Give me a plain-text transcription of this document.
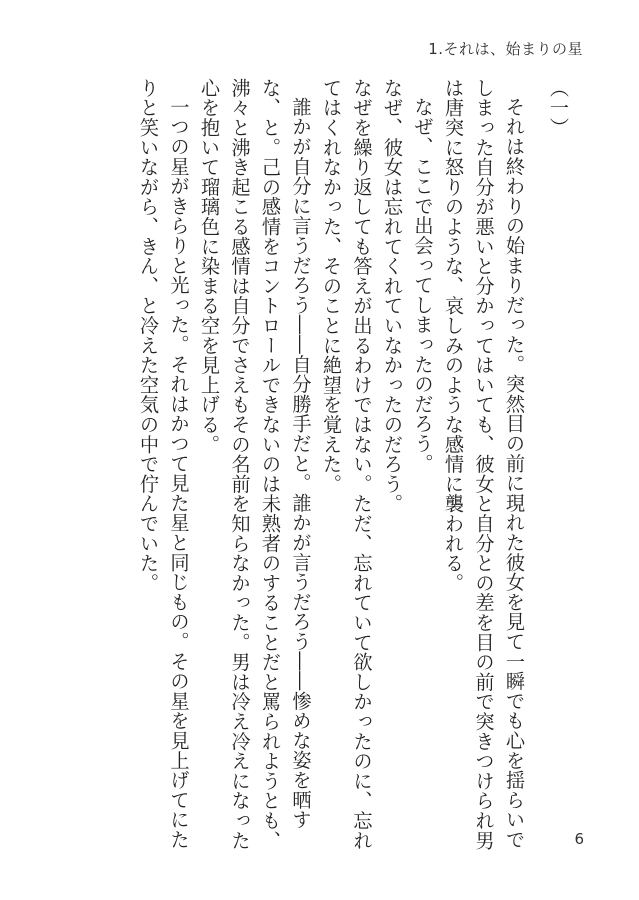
1.それは、始まりの星
（一）

それは終わりの始まりだった。突然目の前に現れた彼女を見て一瞬でも心を揺らいでしまった自分が悪いと分かってはいても、彼女と自分との差を目の前で突きつけられ男は唐突に怒りのような、哀しみのような感情に襲われる。

なぜ、ここで出会ってしまったのだろう。

なぜ、彼女は忘れてくれていなかったのだろう。

なぜを繰り返しても答えが出るわけではない。ただ、忘れていて欲しかったのに、忘れてはくれなかった、そのことに絶望を覚えた。

誰かが自分に言うだろう――自分勝手だと。誰かが言うだろう――惨めな姿を晒すな、と。己の感情をコントロールできないのは未熟者のすることだと罵られようとも、沸々と沸き起こる感情は自分でさえもその名前を知らなかった。男は冷え冷えになった心を抱いて瑠璃色に染まる空を見上げる。

一つの星がきらりと光った。それはかつて見た星と同じもの。その星を見上げてにたりと笑いながら、きん、と冷えた空気の中で佇んでいた。

6
